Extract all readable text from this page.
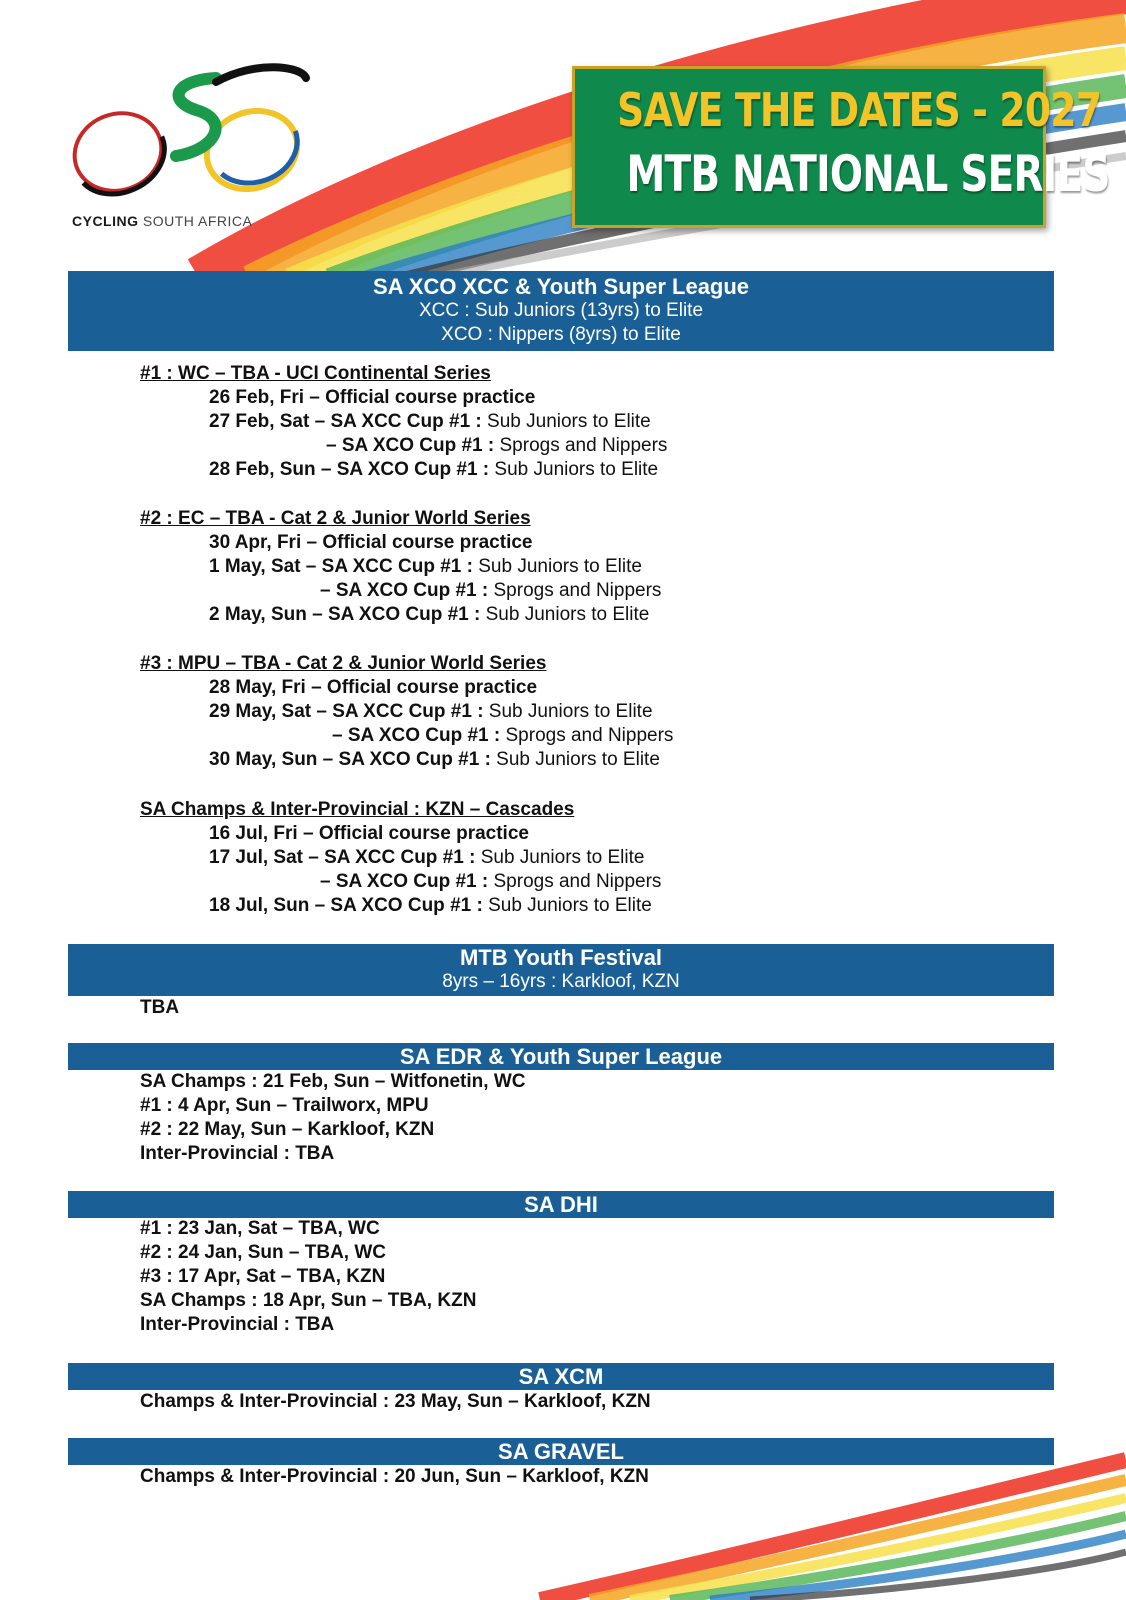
CYCLING SOUTH AFRICA
SAVE THE DATES - 2027
MTB NATIONAL SERIES
SA XCO XCC & Youth Super League
XCC : Sub Juniors (13yrs) to Elite
XCO : Nippers (8yrs) to Elite
#1 : WC – TBA - UCI Continental Series
26 Feb, Fri – Official course practice
27 Feb, Sat – SA XCC Cup #1 : Sub Juniors to Elite
– SA XCO Cup #1 : Sprogs and Nippers
28 Feb, Sun – SA XCO Cup #1 : Sub Juniors to Elite
#2 : EC – TBA - Cat 2 & Junior World Series
30 Apr, Fri – Official course practice
1 May, Sat – SA XCC Cup #1 : Sub Juniors to Elite
– SA XCO Cup #1 : Sprogs and Nippers
2 May, Sun – SA XCO Cup #1 : Sub Juniors to Elite
#3 : MPU – TBA - Cat 2 & Junior World Series
28 May, Fri – Official course practice
29 May, Sat – SA XCC Cup #1 : Sub Juniors to Elite
– SA XCO Cup #1 : Sprogs and Nippers
30 May, Sun – SA XCO Cup #1 : Sub Juniors to Elite
SA Champs & Inter-Provincial : KZN – Cascades
16 Jul, Fri – Official course practice
17 Jul, Sat – SA XCC Cup #1 : Sub Juniors to Elite
– SA XCO Cup #1 : Sprogs and Nippers
18 Jul, Sun – SA XCO Cup #1 : Sub Juniors to Elite
MTB Youth Festival
8yrs – 16yrs : Karkloof, KZN
TBA
SA EDR & Youth Super League
SA Champs : 21 Feb, Sun – Witfonetin, WC
#1 : 4 Apr, Sun – Trailworx, MPU
#2 : 22 May, Sun – Karkloof, KZN
Inter-Provincial : TBA
SA DHI
#1 : 23 Jan, Sat – TBA, WC
#2 : 24 Jan, Sun – TBA, WC
#3 : 17 Apr, Sat – TBA, KZN
SA Champs : 18 Apr, Sun – TBA, KZN
Inter-Provincial : TBA
SA XCM
Champs & Inter-Provincial : 23 May, Sun – Karkloof, KZN
SA GRAVEL
Champs & Inter-Provincial : 20 Jun, Sun – Karkloof, KZN
